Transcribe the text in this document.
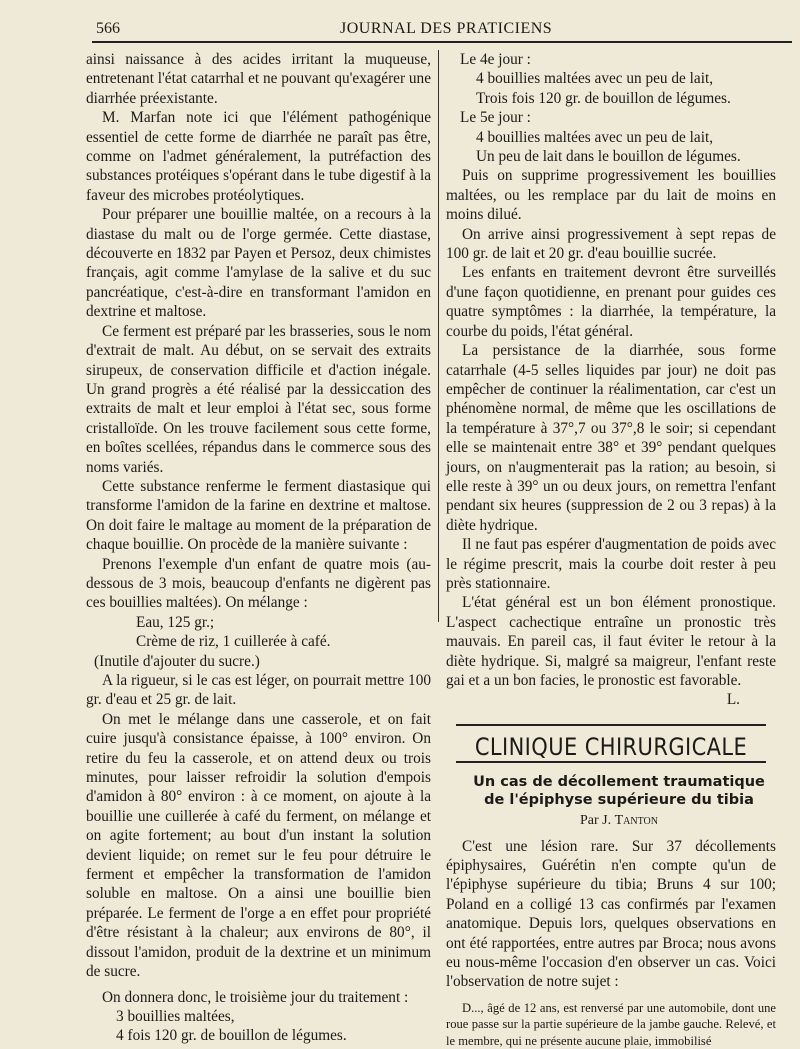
566	JOURNAL DES PRATICIENS

ainsi naissance à des acides irritant la muqueuse, entretenant l'état catarrhal et ne pouvant qu'exagérer une diarrhée préexistante.

M. Marfan note ici que l'élément pathogénique essentiel de cette forme de diarrhée ne paraît pas être, comme on l'admet généralement, la putréfaction des substances protéiques s'opérant dans le tube digestif à la faveur des microbes protéolytiques.

Pour préparer une bouillie maltée, on a recours à la diastase du malt ou de l'orge germée. Cette diastase, découverte en 1832 par Payen et Persoz, deux chimistes français, agit comme l'amylase de la salive et du suc pancréatique, c'est-à-dire en transformant l'amidon en dextrine et maltose.

Ce ferment est préparé par les brasseries, sous le nom d'extrait de malt. Au début, on se servait des extraits sirupeux, de conservation difficile et d'action inégale. Un grand progrès a été réalisé par la dessiccation des extraits de malt et leur emploi à l'état sec, sous forme cristalloïde. On les trouve facilement sous cette forme, en boîtes scellées, répandus dans le commerce sous des noms variés.

Cette substance renferme le ferment diastasique qui transforme l'amidon de la farine en dextrine et maltose. On doit faire le maltage au moment de la préparation de chaque bouillie. On procède de la manière suivante :

Prenons l'exemple d'un enfant de quatre mois (au-dessous de 3 mois, beaucoup d'enfants ne digèrent pas ces bouillies maltées). On mélange :

Eau, 125 gr.;

Crème de riz, 1 cuillerée à café.

(Inutile d'ajouter du sucre.)

A la rigueur, si le cas est léger, on pourrait mettre 100 gr. d'eau et 25 gr. de lait.

On met le mélange dans une casserole, et on fait cuire jusqu'à consistance épaisse, à 100° environ. On retire du feu la casserole, et on attend deux ou trois minutes, pour laisser refroidir la solution d'empois d'amidon à 80° environ : à ce moment, on ajoute à la bouillie une cuillerée à café du ferment, on mélange et on agite fortement; au bout d'un instant la solution devient liquide; on remet sur le feu pour détruire le ferment et empêcher la transformation de l'amidon soluble en maltose. On a ainsi une bouillie bien préparée. Le ferment de l'orge a en effet pour propriété d'être résistant à la chaleur; aux environs de 80°, il dissout l'amidon, produit de la dextrine et un minimum de sucre.

On donnera donc, le troisième jour du traitement :

3 bouillies maltées,

4 fois 120 gr. de bouillon de légumes.

Le 4e jour :

4 bouillies maltées avec un peu de lait,

Trois fois 120 gr. de bouillon de légumes.

Le 5e jour :

4 bouillies maltées avec un peu de lait,

Un peu de lait dans le bouillon de légumes.

Puis on supprime progressivement les bouillies maltées, ou les remplace par du lait de moins en moins dilué.

On arrive ainsi progressivement à sept repas de 100 gr. de lait et 20 gr. d'eau bouillie sucrée.

Les enfants en traitement devront être surveillés d'une façon quotidienne, en prenant pour guides ces quatre symptômes : la diarrhée, la température, la courbe du poids, l'état général.

La persistance de la diarrhée, sous forme catarrhale (4-5 selles liquides par jour) ne doit pas empêcher de continuer la réalimentation, car c'est un phénomène normal, de même que les oscillations de la température à 37°,7 ou 37°,8 le soir; si cependant elle se maintenait entre 38° et 39° pendant quelques jours, on n'augmenterait pas la ration; au besoin, si elle reste à 39° un ou deux jours, on remettra l'enfant pendant six heures (suppression de 2 ou 3 repas) à la diète hydrique.

Il ne faut pas espérer d'augmentation de poids avec le régime prescrit, mais la courbe doit rester à peu près stationnaire.

L'état général est un bon élément pronostique. L'aspect cachectique entraîne un pronostic très mauvais. En pareil cas, il faut éviter le retour à la diète hydrique. Si, malgré sa maigreur, l'enfant reste gai et a un bon facies, le pronostic est favorable.

L.

CLINIQUE CHIRURGICALE

Un cas de décollement traumatique

de l'épiphyse supérieure du tibia

Par J. Tanton

C'est une lésion rare. Sur 37 décollements épiphysaires, Guérétin n'en compte qu'un de l'épiphyse supérieure du tibia; Bruns 4 sur 100; Poland en a colligé 13 cas confirmés par l'examen anatomique. Depuis lors, quelques observations en ont été rapportées, entre autres par Broca; nous avons eu nous-même l'occasion d'en observer un cas. Voici l'observation de notre sujet :

D..., âgé de 12 ans, est renversé par une automobile, dont une roue passe sur la partie supérieure de la jambe gauche. Relevé, et le membre, qui ne présente aucune plaie, immobilisé
